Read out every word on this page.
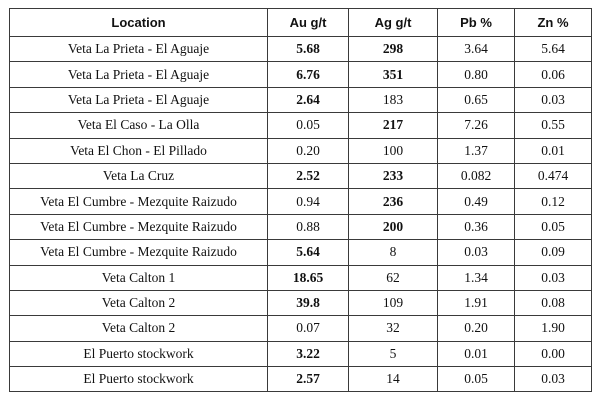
Location	Au g/t	Ag g/t	Pb %	Zn %
Veta La Prieta - El Aguaje	5.68	298	3.64	5.64
Veta La Prieta - El Aguaje	6.76	351	0.80	0.06
Veta La Prieta - El Aguaje	2.64	183	0.65	0.03
Veta El Caso - La Olla	0.05	217	7.26	0.55
Veta El Chon - El Pillado	0.20	100	1.37	0.01
Veta La Cruz	2.52	233	0.082	0.474
Veta El Cumbre - Mezquite Raizudo	0.94	236	0.49	0.12
Veta El Cumbre - Mezquite Raizudo	0.88	200	0.36	0.05
Veta El Cumbre - Mezquite Raizudo	5.64	8	0.03	0.09
Veta Calton 1	18.65	62	1.34	0.03
Veta Calton 2	39.8	109	1.91	0.08
Veta Calton 2	0.07	32	0.20	1.90
El Puerto stockwork	3.22	5	0.01	0.00
El Puerto stockwork	2.57	14	0.05	0.03
